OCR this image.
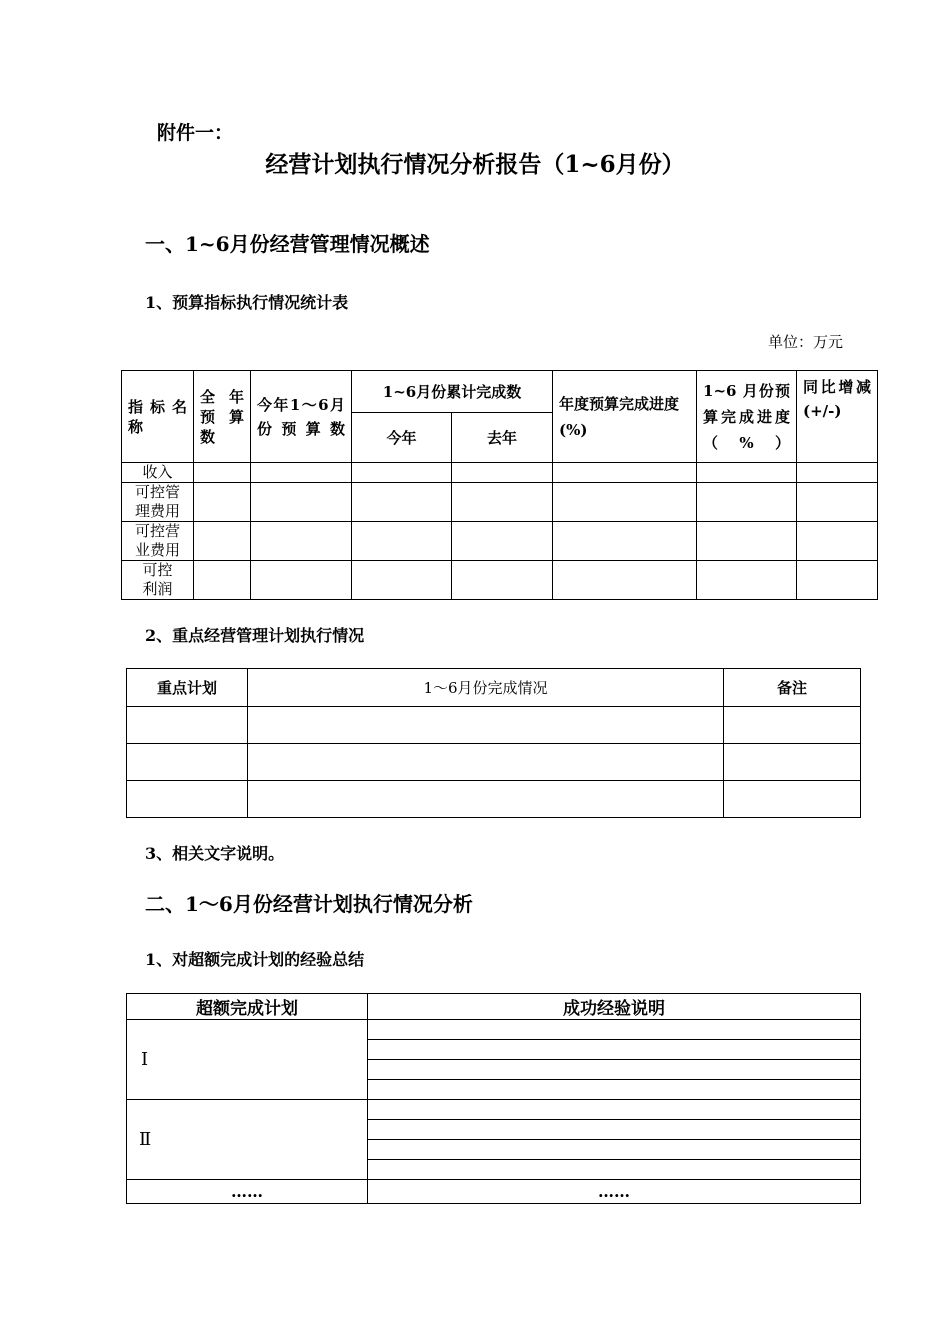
附件一：
经营计划执行情况分析报告（1~6月份）
一、1~6月份经营管理情况概述
1、预算指标执行情况统计表
单位：万元
指标名称	全年预算数	今年1〜6月份预算数	1~6月份累计完成数		年度预算完成进度(%)	1~6 月份预算完成进度（%）	同比增减 (+/-)
			今年	去年			
收入							
可控管理费用							
可控营业费用							
可控利润							
2、重点经营管理计划执行情况
重点计划	1〜6月份完成情况	备注

3、相关文字说明。
二、1〜6月份经营计划执行情况分析
1、对超额完成计划的经验总结
超额完成计划	成功经验说明
Ⅰ	

Ⅱ	

……	……
